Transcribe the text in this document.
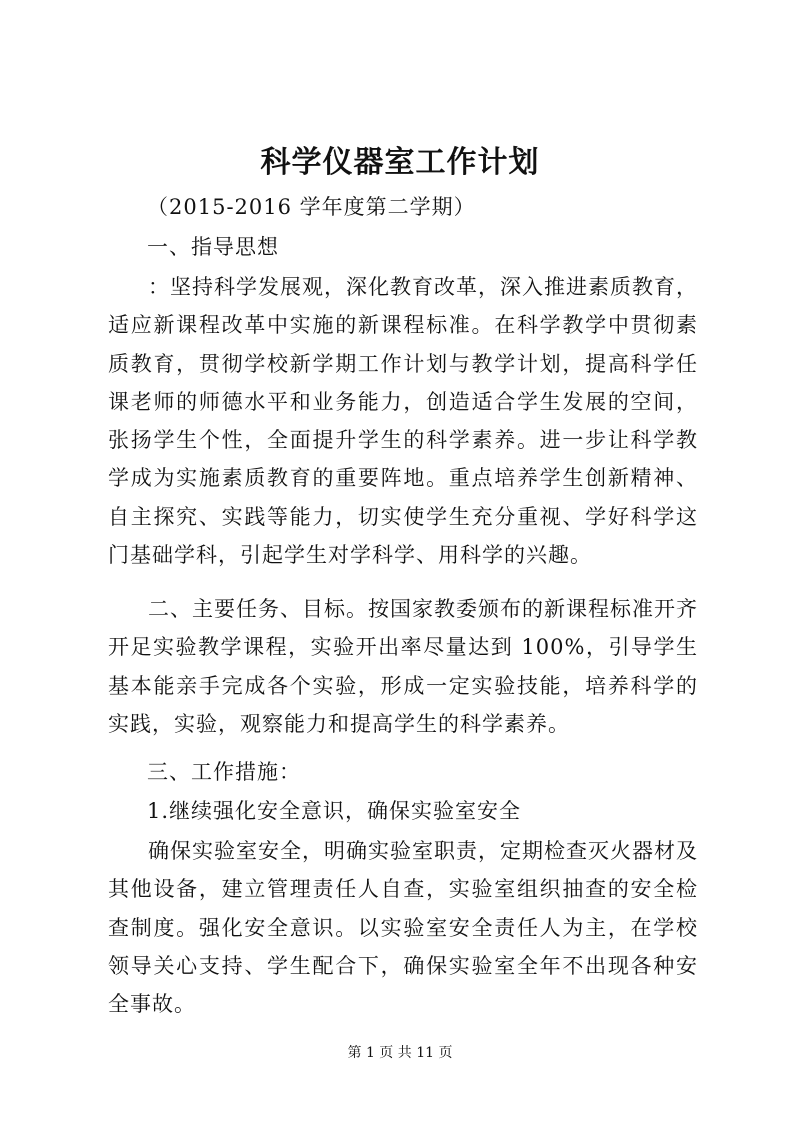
科学仪器室工作计划
（2015-2016 学年度第二学期）
一、指导思想

：坚持科学发展观，深化教育改革，深入推进素质教育，适应新课程改革中实施的新课程标准。在科学教学中贯彻素质教育，贯彻学校新学期工作计划与教学计划，提高科学任课老师的师德水平和业务能力，创造适合学生发展的空间，张扬学生个性，全面提升学生的科学素养。进一步让科学教学成为实施素质教育的重要阵地。重点培养学生创新精神、自主探究、实践等能力，切实使学生充分重视、学好科学这门基础学科，引起学生对学科学、用科学的兴趣。

二、主要任务、目标。按国家教委颁布的新课程标准开齐开足实验教学课程，实验开出率尽量达到 100%，引导学生基本能亲手完成各个实验，形成一定实验技能，培养科学的实践，实验，观察能力和提高学生的科学素养。

三、工作措施：
1.继续强化安全意识，确保实验室安全

确保实验室安全，明确实验室职责，定期检查灭火器材及其他设备，建立管理责任人自查，实验室组织抽查的安全检查制度。强化安全意识。以实验室安全责任人为主，在学校领导关心支持、学生配合下，确保实验室全年不出现各种安全事故。

第 1 页 共 11 页
